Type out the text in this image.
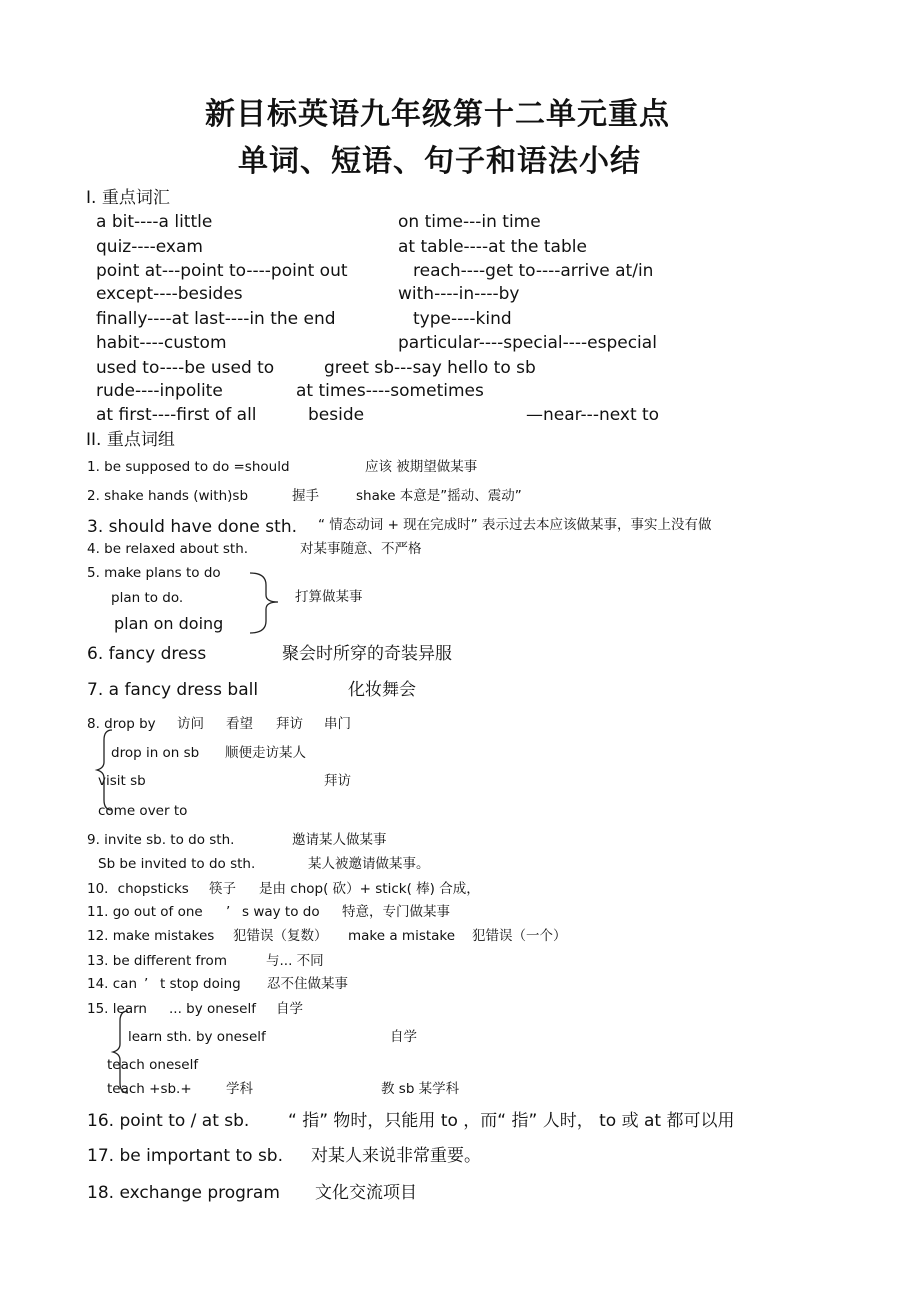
新目标英语九年级第十二单元重点
单词、短语、句子和语法小结
I. 重点词汇
a bit----a little	on time---in time
quiz----exam	at table----at the table
point at---point to----point out	reach----get to----arrive at/in
except----besides	with----in----by
finally----at last----in the end	type----kind
habit----custom	particular----special----especial
used to----be used to	greet sb---say hello to sb
rude----inpolite	at times----sometimes
at first----first of all	beside	—near---next to
II. 重点词组
1. be supposed to do =should	应该 被期望做某事
2. shake hands (with)sb	握手	shake 本意是”摇动、震动”
3. should have done sth. “ 情态动词 + 现在完成时” 表示过去本应该做某事，事实上没有做
4. be relaxed about sth.	对某事随意、不严格
5. make plans to do
plan to do.
plan on doing
打算做某事
6. fancy dress	聚会时所穿的奇装异服
7. a fancy dress ball	化妆舞会
8. drop by 访问 看望 拜访 串门
drop in on sb 顺便走访某人
visit sb	拜访
come over to
9. invite sb. to do sth.	邀请某人做某事
Sb be invited to do sth.	某人被邀请做某事。
10．chopsticks 筷子 是由 chop( 砍）+ stick( 棒) 合成，
11. go out of one ’ s way to do 特意，专门做某事
12. make mistakes 犯错误（复数） make a mistake 犯错误（一个）
13. be different from	与... 不同
14. can ’ t stop doing 忍不住做某事
15. learn ... by oneself 自学
learn sth. by oneself	自学
teach oneself
teach +sb.+	学科	教 sb 某学科
16. point to / at sb. “ 指” 物时，只能用 to ，而“ 指” 人时， to 或 at 都可以用
17. be important to sb. 对某人来说非常重要。
18. exchange program 文化交流项目
